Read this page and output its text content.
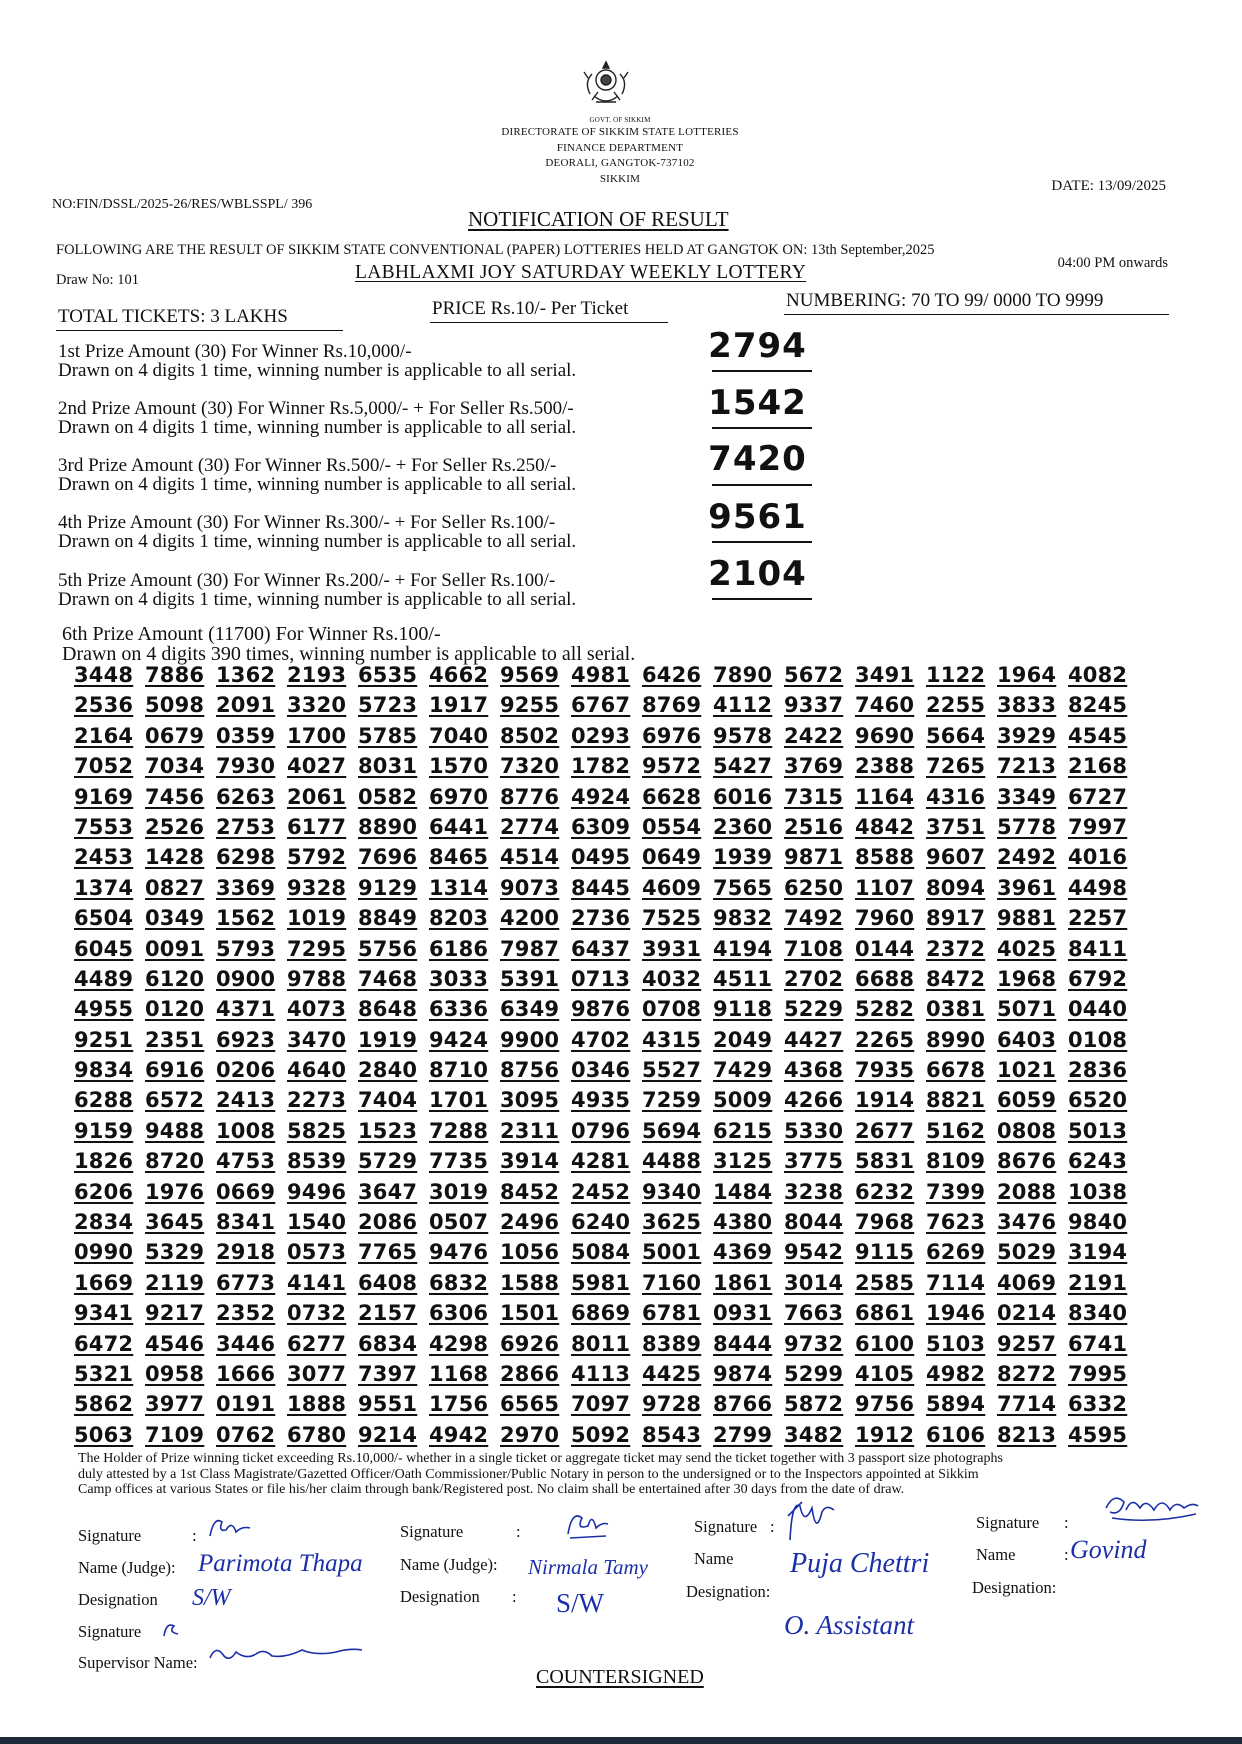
GOVT. OF SIKKIM
DIRECTORATE OF SIKKIM STATE LOTTERIES
FINANCE DEPARTMENT
DEORALI, GANGTOK-737102
SIKKIM	DATE: 13/09/2025
NO:FIN/DSSL/2025-26/RES/WBLSSPL/ 396
NOTIFICATION OF RESULT
FOLLOWING ARE THE RESULT OF SIKKIM STATE CONVENTIONAL (PAPER) LOTTERIES HELD AT GANGTOK ON: 13th September,2025
04:00 PM onwards
Draw No: 101	LABHLAXMI JOY SATURDAY WEEKLY LOTTERY
TOTAL TICKETS: 3 LAKHS	PRICE Rs.10/- Per Ticket	NUMBERING: 70 TO 99/ 0000 TO 9999
1st Prize Amount (30) For Winner Rs.10,000/-
Drawn on 4 digits 1 time, winning number is applicable to all serial.
2794
2nd Prize Amount (30) For Winner Rs.5,000/- + For Seller Rs.500/-
Drawn on 4 digits 1 time, winning number is applicable to all serial.
1542
3rd Prize Amount (30) For Winner Rs.500/- + For Seller Rs.250/-
Drawn on 4 digits 1 time, winning number is applicable to all serial.
7420
4th Prize Amount (30) For Winner Rs.300/- + For Seller Rs.100/-
Drawn on 4 digits 1 time, winning number is applicable to all serial.
9561
5th Prize Amount (30) For Winner Rs.200/- + For Seller Rs.100/-
Drawn on 4 digits 1 time, winning number is applicable to all serial.
2104
6th Prize Amount (11700) For Winner Rs.100/-
Drawn on 4 digits 390 times, winning number is applicable to all serial.
3448 7886 1362 2193 6535 4662 9569 4981 6426 7890 5672 3491 1122 1964 4082
2536 5098 2091 3320 5723 1917 9255 6767 8769 4112 9337 7460 2255 3833 8245
2164 0679 0359 1700 5785 7040 8502 0293 6976 9578 2422 9690 5664 3929 4545
7052 7034 7930 4027 8031 1570 7320 1782 9572 5427 3769 2388 7265 7213 2168
9169 7456 6263 2061 0582 6970 8776 4924 6628 6016 7315 1164 4316 3349 6727
7553 2526 2753 6177 8890 6441 2774 6309 0554 2360 2516 4842 3751 5778 7997
2453 1428 6298 5792 7696 8465 4514 0495 0649 1939 9871 8588 9607 2492 4016
1374 0827 3369 9328 9129 1314 9073 8445 4609 7565 6250 1107 8094 3961 4498
6504 0349 1562 1019 8849 8203 4200 2736 7525 9832 7492 7960 8917 9881 2257
6045 0091 5793 7295 5756 6186 7987 6437 3931 4194 7108 0144 2372 4025 8411
4489 6120 0900 9788 7468 3033 5391 0713 4032 4511 2702 6688 8472 1968 6792
4955 0120 4371 4073 8648 6336 6349 9876 0708 9118 5229 5282 0381 5071 0440
9251 2351 6923 3470 1919 9424 9900 4702 4315 2049 4427 2265 8990 6403 0108
9834 6916 0206 4640 2840 8710 8756 0346 5527 7429 4368 7935 6678 1021 2836
6288 6572 2413 2273 7404 1701 3095 4935 7259 5009 4266 1914 8821 6059 6520
9159 9488 1008 5825 1523 7288 2311 0796 5694 6215 5330 2677 5162 0808 5013
1826 8720 4753 8539 5729 7735 3914 4281 4488 3125 3775 5831 8109 8676 6243
6206 1976 0669 9496 3647 3019 8452 2452 9340 1484 3238 6232 7399 2088 1038
2834 3645 8341 1540 2086 0507 2496 6240 3625 4380 8044 7968 7623 3476 9840
0990 5329 2918 0573 7765 9476 1056 5084 5001 4369 9542 9115 6269 5029 3194
1669 2119 6773 4141 6408 6832 1588 5981 7160 1861 3014 2585 7114 4069 2191
9341 9217 2352 0732 2157 6306 1501 6869 6781 0931 7663 6861 1946 0214 8340
6472 4546 3446 6277 6834 4298 6926 8011 8389 8444 9732 6100 5103 9257 6741
5321 0958 1666 3077 7397 1168 2866 4113 4425 9874 5299 4105 4982 8272 7995
5862 3977 0191 1888 9551 1756 6565 7097 9728 8766 5872 9756 5894 7714 6332
5063 7109 0762 6780 9214 4942 2970 5092 8543 2799 3482 1912 6106 8213 4595
The Holder of Prize winning ticket exceeding Rs.10,000/- whether in a single ticket or aggregate ticket may send the ticket together with 3 passport size photographs
duly attested by a 1st Class Magistrate/Gazetted Officer/Oath Commissioner/Public Notary in person to the undersigned or to the Inspectors appointed at Sikkim
Camp offices at various States or file his/her claim through bank/Registered post. No claim shall be entertained after 30 days from the date of draw.
Signature	:
Name (Judge): Parimota Thapa
Designation S/W
Signature
Supervisor Name:
Signature	:
Name (Judge): Nirmala Tamy
Designation : S/W
Signature :
Name Puja Chettri
Designation:
O. Assistant
Signature :
Name	: Govind
Designation:
COUNTERSIGNED
